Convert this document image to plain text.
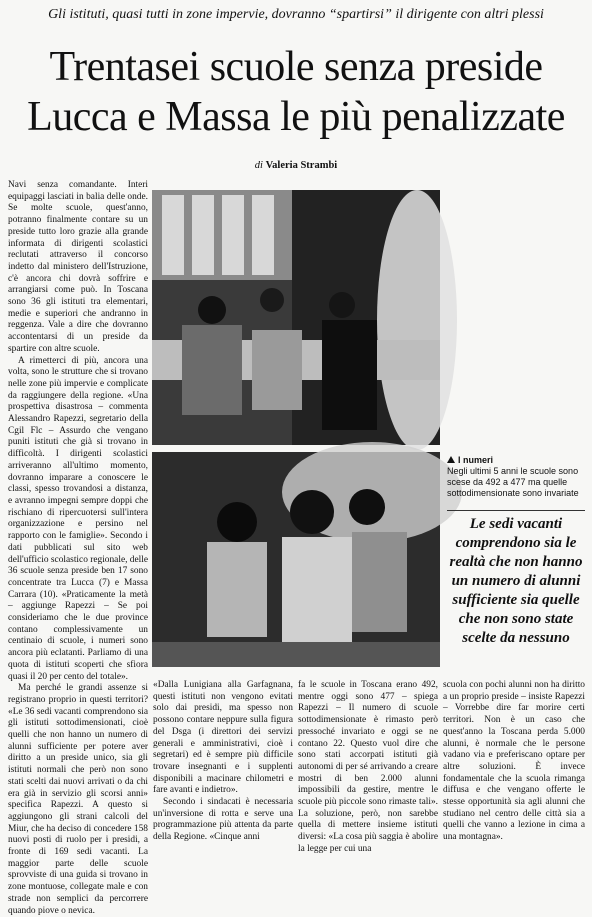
Gli istituti, quasi tutti in zone impervie, dovranno “spartirsi” il dirigente con altri plessi
Trentasei scuole senza preside
Lucca e Massa le più penalizzate
di Valeria Strambi

Navi senza comandante. Interi equipaggi lasciati in balia delle onde. Se molte scuole, quest'anno, potranno finalmente contare su un preside tutto loro grazie alla grande informata di dirigenti scolastici reclutati attraverso il concorso indetto dal ministero dell'Istruzione, c'è ancora chi dovrà soffrire e arrangiarsi come può. In Toscana sono 36 gli istituti tra elementari, medie e superiori che andranno in reggenza. Vale a dire che dovranno accontentarsi di un preside da spartire con altre scuole.

A rimetterci di più, ancora una volta, sono le strutture che si trovano nelle zone più impervie e complicate da raggiungere della regione. «Una prospettiva disastrosa – commenta Alessandro Rapezzi, segretario della Cgil Flc – Assurdo che vengano puniti istituti che già si trovano in difficoltà. I dirigenti scolastici arriveranno all'ultimo momento, dovranno imparare a conoscere le classi, spesso trovandosi a distanza, e avranno impegni sempre doppi che rischiano di ripercuotersi sull'intera organizzazione e persino nel rapporto con le famiglie». Secondo i dati pubblicati sul sito web dell'ufficio scolastico regionale, delle 36 scuole senza preside ben 17 sono concentrate tra Lucca (7) e Massa Carrara (10). «Praticamente la metà – aggiunge Rapezzi – Se poi consideriamo che le due province contano complessivamente un centinaio di scuole, i numeri sono ancora più eclatanti. Parliamo di una quota di istituti scoperti che sfiora quasi il 20 per cento del totale».

Ma perché le grandi assenze si registrano proprio in questi territori? «Le 36 sedi vacanti comprendono sia gli istituti sottodimensionati, cioè quelli che non hanno un numero di alunni sufficiente per potere aver diritto a un preside unico, sia gli istituti normali che però non sono stati scelti dai nuovi arrivati o da chi era già in servizio gli scorsi anni» specifica Rapezzi. A questo si aggiungono gli strani calcoli del Miur, che ha deciso di concedere 158 nuovi posti di ruolo per i presidi, a fronte di 169 sedi vacanti. La maggior parte delle scuole sprovviste di una guida si trovano in zone montuose, collegate male e con strade non semplici da percorrere quando piove o nevica.

I numeri
Negli ultimi 5 anni le scuole sono scese da 492 a 477 ma quelle sottodimensionate sono invariate
Le sedi vacanti comprendono sia le realtà che non hanno un numero di alunni sufficiente sia quelle che non sono state scelte da nessuno

«Dalla Lunigiana alla Garfagnana, questi istituti non vengono evitati solo dai presidi, ma spesso non possono contare neppure sulla figura del Dsga (i direttori dei servizi generali e amministrativi, cioè i segretari) ed è sempre più difficile trovare insegnanti e i supplenti disponibili a macinare chilometri e fare avanti e indietro».

Secondo i sindacati è necessaria un'inversione di rotta e serve una programmazione più attenta da parte della Regione. «Cinque anni

fa le scuole in Toscana erano 492, mentre oggi sono 477 – spiega Rapezzi – Il numero di scuole sottodimensionate è rimasto però pressoché invariato e oggi se ne contano 22. Questo vuol dire che sono stati accorpati istituti già autonomi di per sé arrivando a creare mostri di ben 2.000 alunni impossibili da gestire, mentre le scuole più piccole sono rimaste tali». La soluzione, però, non sarebbe quella di mettere insieme istituti diversi: «La cosa più saggia è abolire la legge per cui una

scuola con pochi alunni non ha diritto a un proprio preside – insiste Rapezzi – Vorrebbe dire far morire certi territori. Non è un caso che quest'anno la Toscana perda 5.000 alunni, è normale che le persone vadano via e preferiscano optare per altre soluzioni. È invece fondamentale che la scuola rimanga diffusa e che vengano offerte le stesse opportunità sia agli alunni che studiano nel centro delle città sia a quelli che vanno a lezione in cima a una montagna».
